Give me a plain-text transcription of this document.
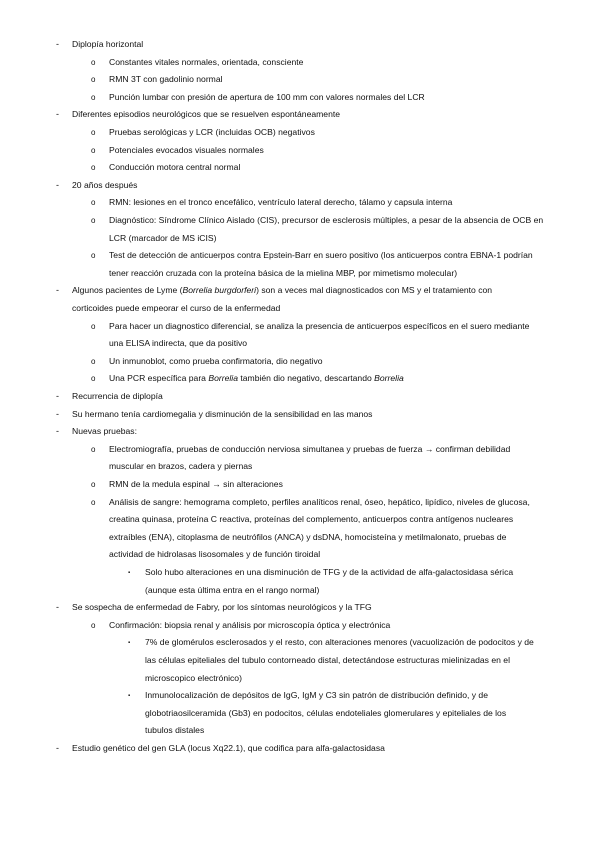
- Diplopía horizontal
o Constantes vitales normales, orientada, consciente
o RMN 3T con gadolinio normal
o Punción lumbar con presión de apertura de 100 mm con valores normales del LCR
- Diferentes episodios neurológicos que se resuelven espontáneamente
o Pruebas serológicas y LCR (incluidas OCB) negativos
o Potenciales evocados visuales normales
o Conducción motora central normal
- 20 años después
o RMN: lesiones en el tronco encefálico, ventrículo lateral derecho, tálamo y capsula interna
o Diagnóstico: Síndrome Clínico Aislado (CIS), precursor de esclerosis múltiples, a pesar de la absencia de OCB en
LCR (marcador de MS iCIS)
o Test de detección de anticuerpos contra Epstein-Barr en suero positivo (los anticuerpos contra EBNA-1 podrían
tener reacción cruzada con la proteína básica de la mielina MBP, por mimetismo molecular)
- Algunos pacientes de Lyme (Borrelia burgdorferi) son a veces mal diagnosticados con MS y el tratamiento con
corticoides puede empeorar el curso de la enfermedad
o Para hacer un diagnostico diferencial, se analiza la presencia de anticuerpos específicos en el suero mediante
una ELISA indirecta, que da positivo
o Un inmunoblot, como prueba confirmatoria, dio negativo
o Una PCR específica para Borrelia también dio negativo, descartando Borrelia
- Recurrencia de diplopía
- Su hermano tenía cardiomegalia y disminución de la sensibilidad en las manos
- Nuevas pruebas:
o Electromiografía, pruebas de conducción nerviosa simultanea y pruebas de fuerza → confirman debilidad
muscular en brazos, cadera y piernas
o RMN de la medula espinal → sin alteraciones
o Análisis de sangre: hemograma completo, perfiles analíticos renal, óseo, hepático, lipídico, niveles de glucosa,
creatina quinasa, proteína C reactiva, proteínas del complemento, anticuerpos contra antígenos nucleares
extraíbles (ENA), citoplasma de neutrófilos (ANCA) y dsDNA, homocisteína y metilmalonato, pruebas de
actividad de hidrolasas lisosomales y de función tiroidal
▪ Solo hubo alteraciones en una disminución de TFG y de la actividad de alfa-galactosidasa sérica
(aunque esta última entra en el rango normal)
- Se sospecha de enfermedad de Fabry, por los síntomas neurológicos y la TFG
o Confirmación: biopsia renal y análisis por microscopía óptica y electrónica
▪ 7% de glomérulos esclerosados y el resto, con alteraciones menores (vacuolización de podocitos y de
las células epiteliales del tubulo contorneado distal, detectándose estructuras mielinizadas en el
microscopico electrónico)
▪ Inmunolocalización de depósitos de IgG, IgM y C3 sin patrón de distribución definido, y de
globotriaosilceramida (Gb3) en podocitos, células endoteliales glomerulares y epiteliales de los
tubulos distales
- Estudio genético del gen GLA (locus Xq22.1), que codifica para alfa-galactosidasa
